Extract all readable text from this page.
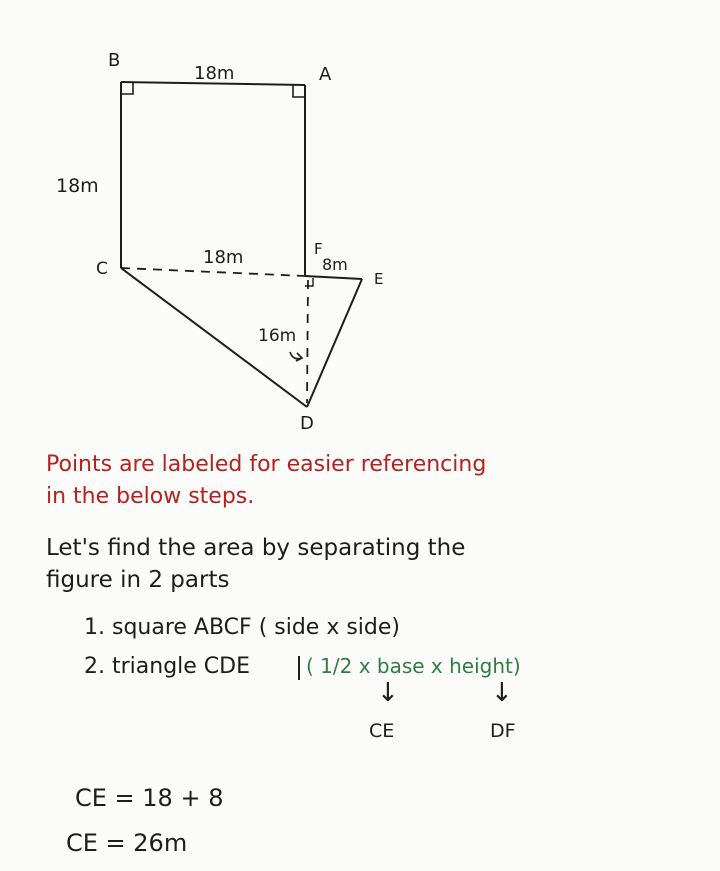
B
A
C
F
E
D
18m
18m
18m	8m
16m
Points are labeled for easier referencing
in the below steps.
Let's find the area by separating the
figure in 2 parts
1. square ABCF ( side x side)
2. triangle CDE	( 1/2 x base x height)
↓	↓
CE	DF
CE = 18 + 8
CE = 26m
